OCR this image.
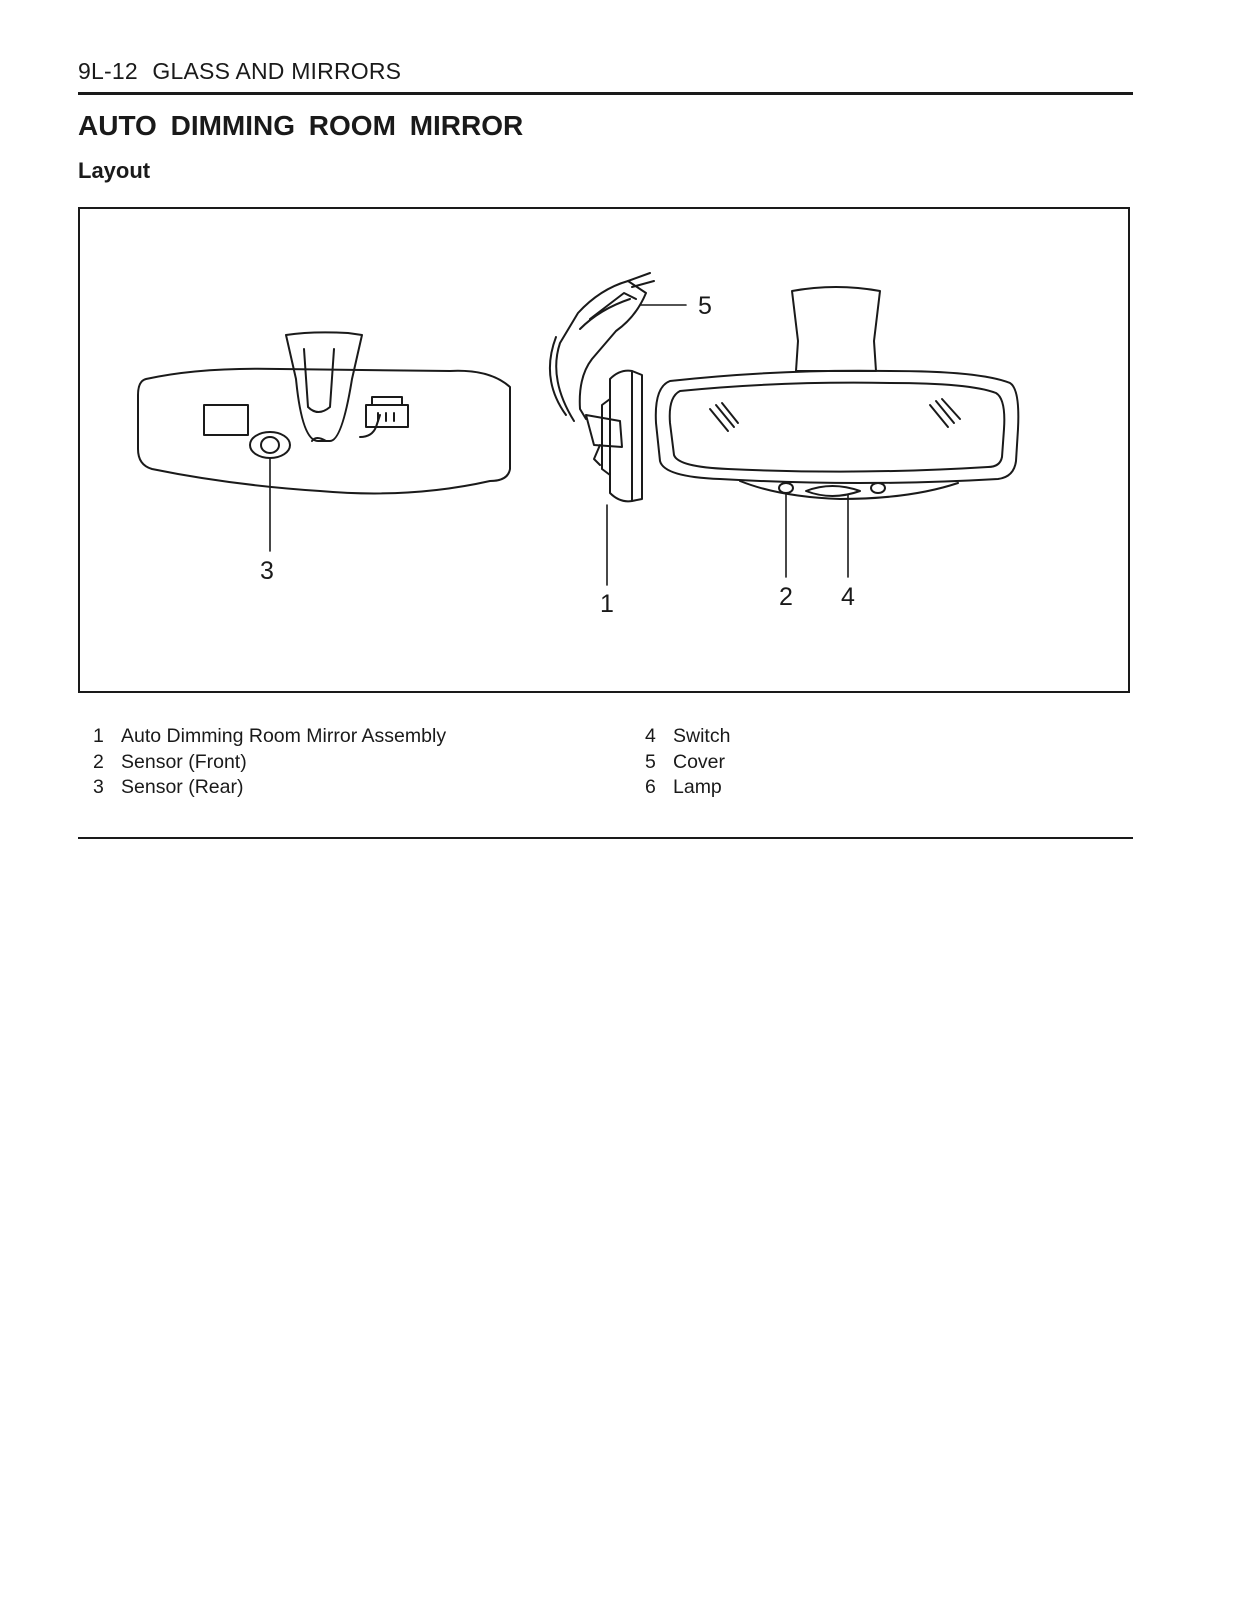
9L-12 GLASS AND MIRRORS
AUTO DIMMING ROOM MIRROR
Layout
1	2
3
4
5
1 Auto Dimming Room Mirror Assembly
2 Sensor (Front)
3 Sensor (Rear)
4 Switch
5 Cover
6 Lamp
